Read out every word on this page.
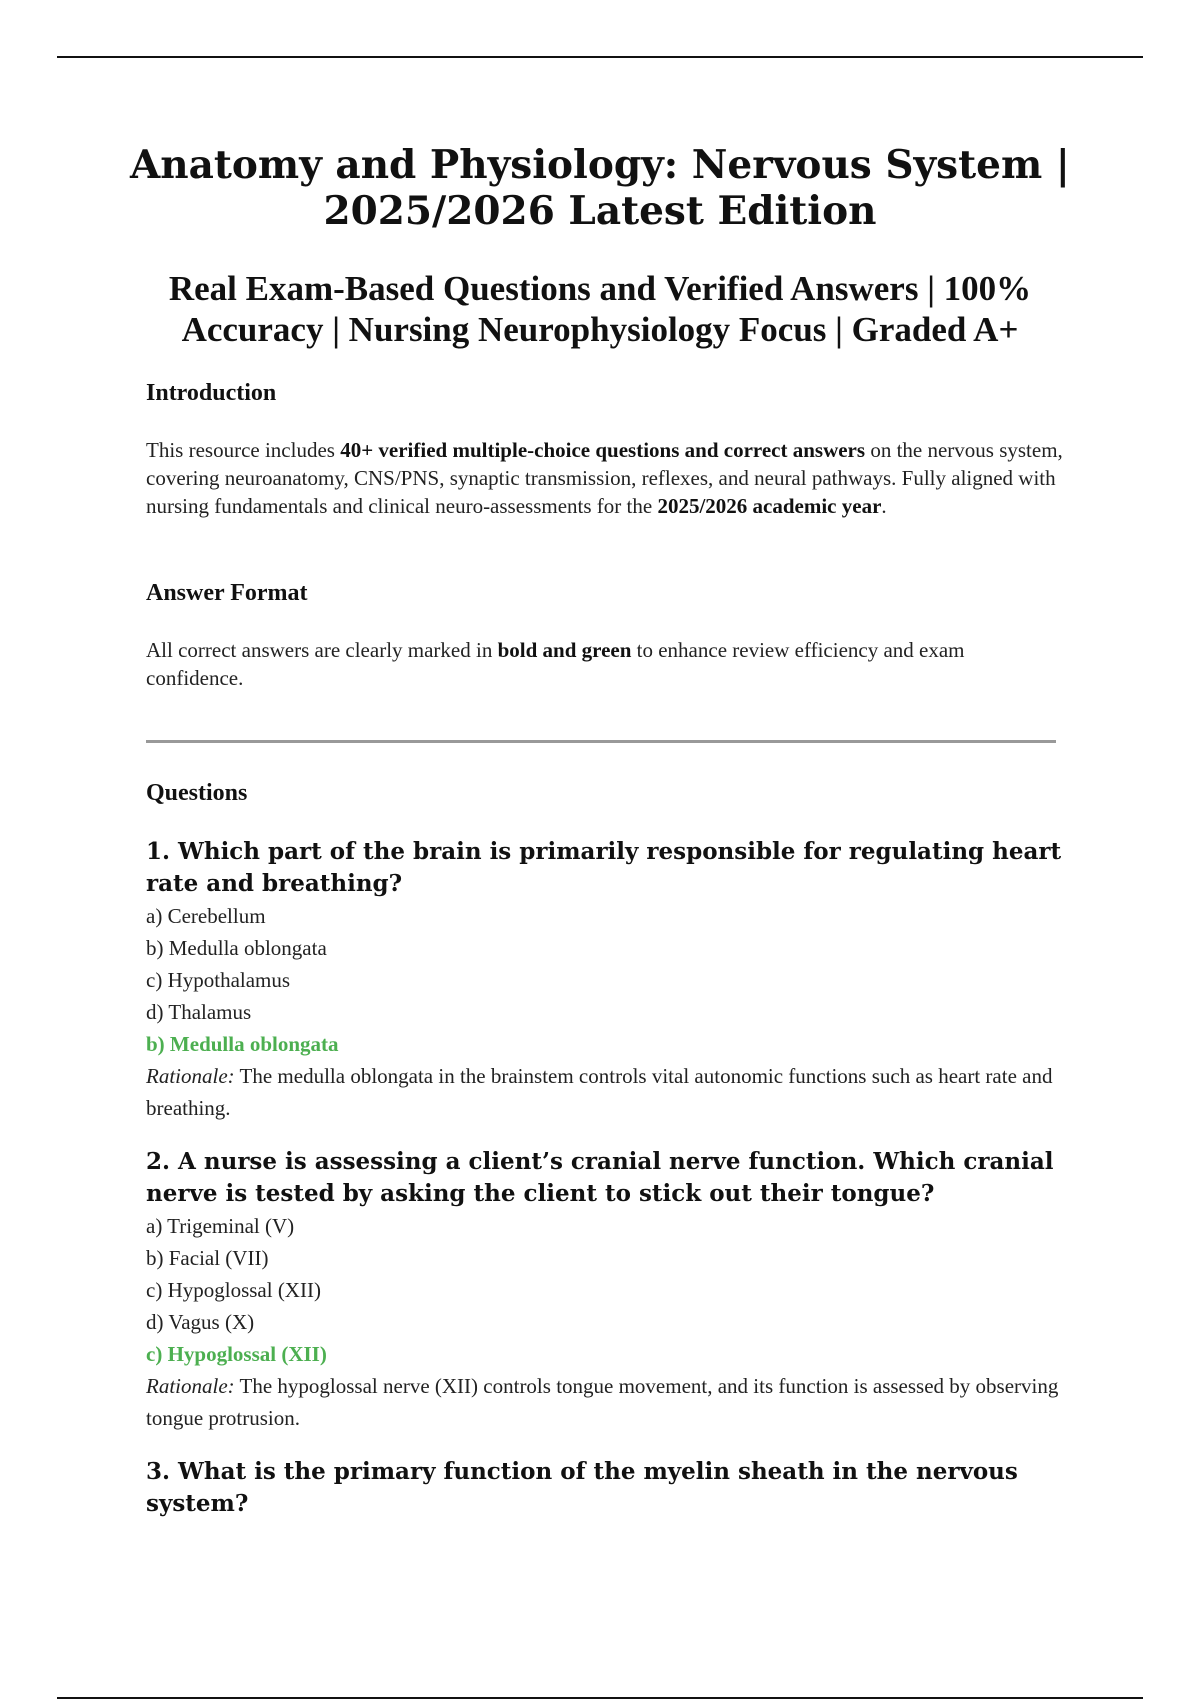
Anatomy and Physiology: Nervous System |
2025/2026 Latest Edition
Real Exam-Based Questions and Verified Answers | 100%
Accuracy | Nursing Neurophysiology Focus | Graded A+
Introduction

This resource includes 40+ verified multiple-choice questions and correct answers on the nervous system, covering neuroanatomy, CNS/PNS, synaptic transmission, reflexes, and neural pathways. Fully aligned with nursing fundamentals and clinical neuro-assessments for the 2025/2026 academic year.

Answer Format

All correct answers are clearly marked in bold and green to enhance review efficiency and exam confidence.

Questions

1. Which part of the brain is primarily responsible for regulating heart rate and breathing?

a) Cerebellum

b) Medulla oblongata

c) Hypothalamus

d) Thalamus

b) Medulla oblongata

Rationale: The medulla oblongata in the brainstem controls vital autonomic functions such as heart rate and breathing.

2. A nurse is assessing a client’s cranial nerve function. Which cranial nerve is tested by asking the client to stick out their tongue?

a) Trigeminal (V)

b) Facial (VII)

c) Hypoglossal (XII)

d) Vagus (X)

c) Hypoglossal (XII)

Rationale: The hypoglossal nerve (XII) controls tongue movement, and its function is assessed by observing tongue protrusion.

3. What is the primary function of the myelin sheath in the nervous system?
